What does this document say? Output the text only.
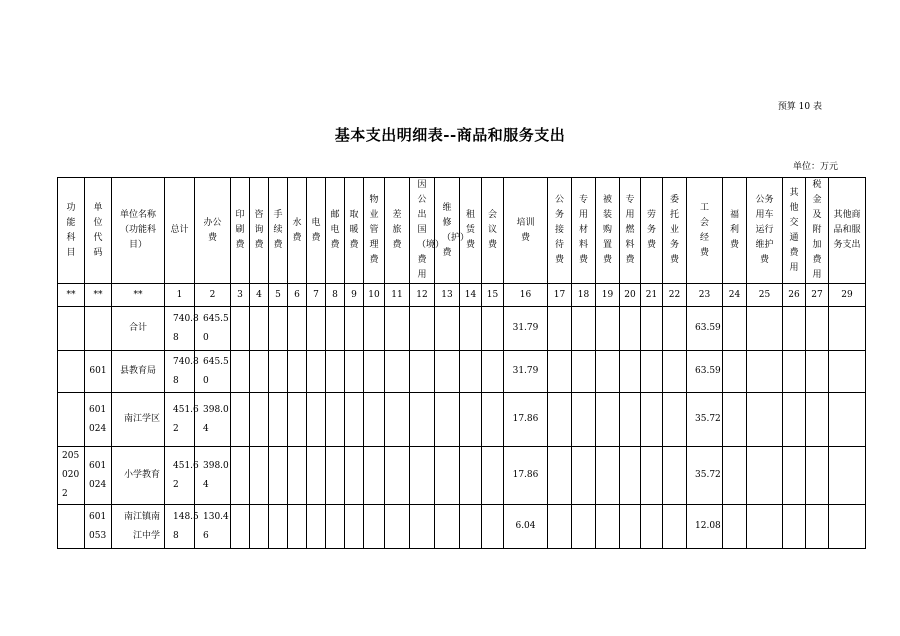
预算 10 表
基本支出明细表--商品和服务支出
单位：万元
功能科目	单位代码	单位名称（功能科目）	总计	办公费	印刷费	咨询费	手续费	水费	电费	邮电费	取暖费	物业管理费	差旅费	因公出国（境）费用	维修（护）费	租赁费	会议费	培训费	公务接待费	专用材料费	被装购置费	专用燃料费	劳务费	委托业务费	工会经费	福利费	公务用车运行维护费	其他交通费用	税金及附加费用	其他商品和服务支出

**	**	**	1	2	3	4	5	6	7	8	9	10	11	12	13	14	15	16	17	18	19	20	21	22	23	24	25	26	27	29

		合计	740.88	645.50														31.79							63.59					

	601	县教育局	740.88	645.50														31.79							63.59					

	601024	南江学区	451.62	398.04														17.86							35.72					

2050202	601024	小学教育	451.62	398.04														17.86							35.72					

	601053	南江镇南江中学	148.58	130.46														6.04							12.08					
